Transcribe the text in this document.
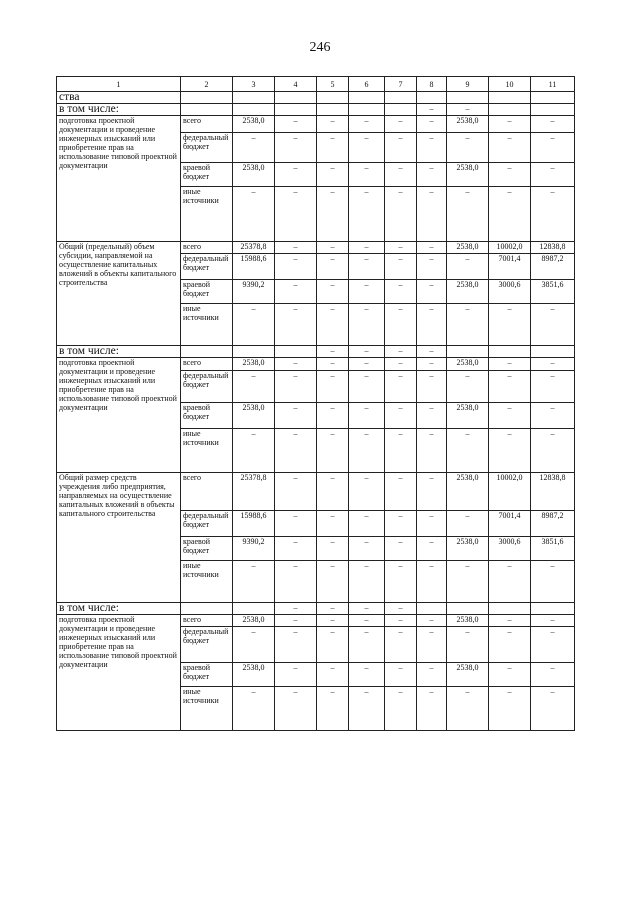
246
1	2	3	4	5	6	7	8	9	10	11
ства										
в том числе:							–	–		
подготовка проектной документации и проведение инженерных изысканий или приобретение прав на использование типовой проектной документации	всего	2538,0	–	–	–	–	–	2538,0	–	–
	федеральный бюджет	–	–	–	–	–	–	–	–	–
	краевой бюджет	2538,0	–	–	–	–	–	2538,0	–	–
	иные источники	–	–	–	–	–	–	–	–	–
Общий (предельный) объем субсидии, направляемой на осуществление капитальных вложений в объекты капитального строительства	всего	25378,8	–	–	–	–	–	2538,0	10002,0	12838,8
	федеральный бюджет	15988,6	–	–	–	–	–	–	7001,4	8987,2
	краевой бюджет	9390,2	–	–	–	–	–	2538,0	3000,6	3851,6
	иные источники	–	–	–	–	–	–	–	–	–
в том числе:				–	–	–	–			
подготовка проектной документации и проведение инженерных изысканий или приобретение прав на использование типовой проектной документации	всего	2538,0	–	–	–	–	–	2538,0	–	–
	федеральный бюджет	–	–	–	–	–	–	–	–	–
	краевой бюджет	2538,0	–	–	–	–	–	2538,0	–	–
	иные источники	–	–	–	–	–	–	–	–	–
Общий размер средств учреждения либо предприятия, направляемых на осуществление капитальных вложений в объекты капитального строительства	всего	25378,8	–	–	–	–	–	2538,0	10002,0	12838,8
	федеральный бюджет	15988,6	–	–	–	–	–	–	7001,4	8987,2
	краевой бюджет	9390,2	–	–	–	–	–	2538,0	3000,6	3851,6
	иные источники	–	–	–	–	–	–	–	–	–
в том числе:			–	–	–	–				
подготовка проектной документации и проведение инженерных изысканий или приобретение прав на использование типовой проектной документации	всего	2538,0	–	–	–	–	–	2538,0	–	–
	федеральный бюджет	–	–	–	–	–	–	–	–	–
	краевой бюджет	2538,0	–	–	–	–	–	2538,0	–	–
	иные источники	–	–	–	–	–	–	–	–	–
